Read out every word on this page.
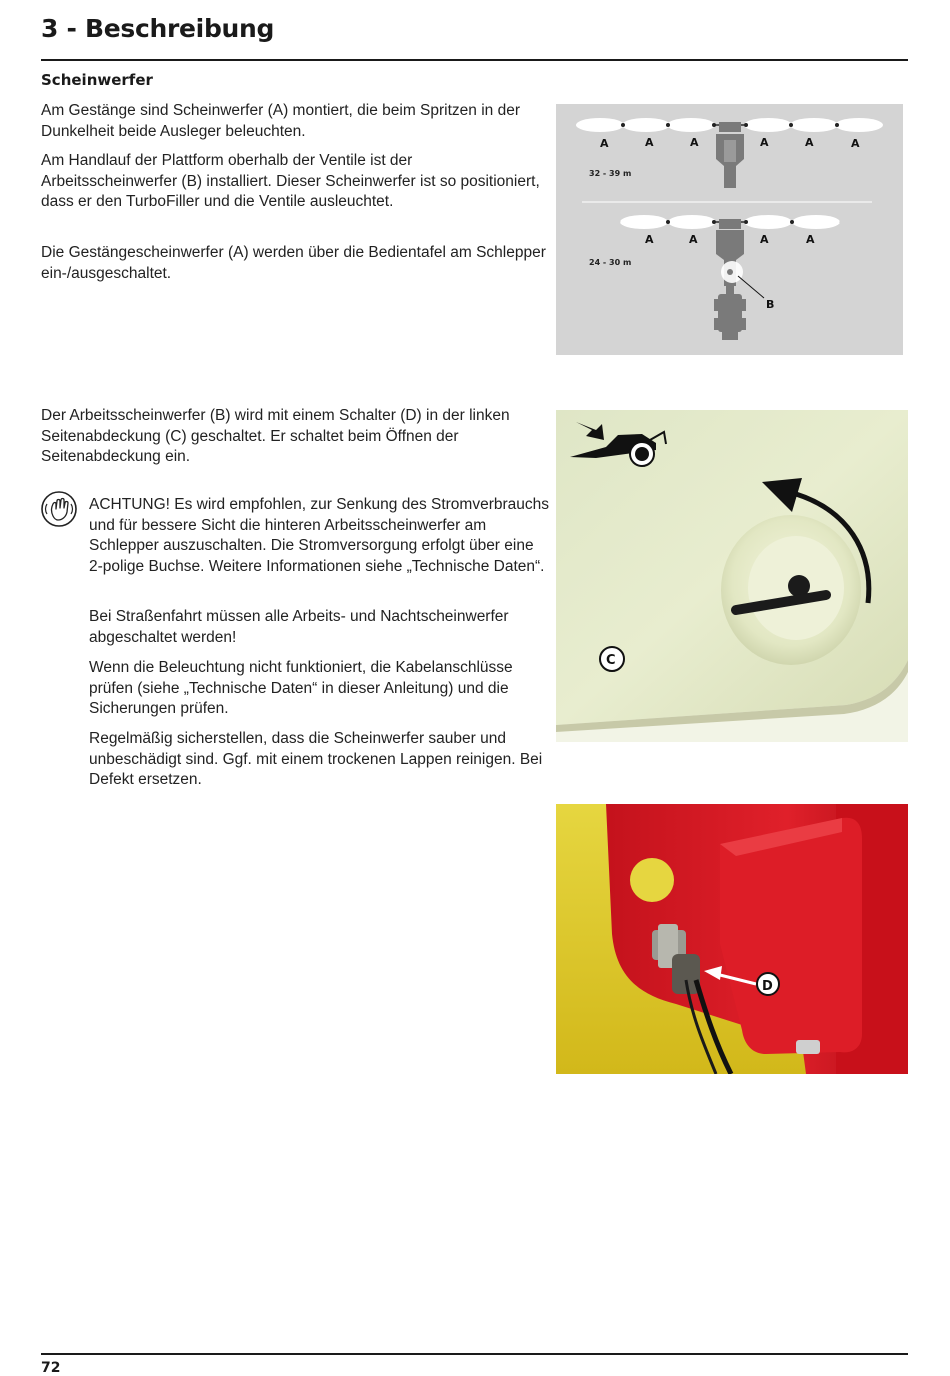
3 - Beschreibung
Scheinwerfer

Am Gestänge sind Scheinwerfer (A) montiert, die beim Spritzen in der Dunkelheit beide Ausleger beleuchten.

Am Handlauf der Plattform oberhalb der Ventile ist der Arbeitsscheinwerfer (B) installiert. Dieser Scheinwerfer ist so positioniert, dass er den TurboFiller und die Ventile ausleuchtet.

Die Gestängescheinwerfer (A) werden über die Bedientafel am Schlepper ein-/ausgeschaltet.

A	A	A	A	A	A
32 - 39 m
A	A	A	A
24 - 30 m
B

Der Arbeitsscheinwerfer (B) wird mit einem Schalter (D) in der linken Seitenabdeckung (C) geschaltet. Er schaltet beim Öffnen der Seitenabdeckung ein.

ACHTUNG! Es wird empfohlen, zur Senkung des Stromverbrauchs und für bessere Sicht die hinteren Arbeitsscheinwerfer am Schlepper auszuschalten. Die Stromversorgung erfolgt über eine 2-polige Buchse. Weitere Informationen siehe „Technische Daten“.

Bei Straßenfahrt müssen alle Arbeits- und Nachtscheinwerfer abgeschaltet werden!

Wenn die Beleuchtung nicht funktioniert, die Kabelanschlüsse prüfen (siehe „Technische Daten“ in dieser Anleitung) und die Sicherungen prüfen.

Regelmäßig sicherstellen, dass die Scheinwerfer sauber und unbeschädigt sind. Ggf. mit einem trockenen Lappen reinigen. Bei Defekt ersetzen.

C
D
72
